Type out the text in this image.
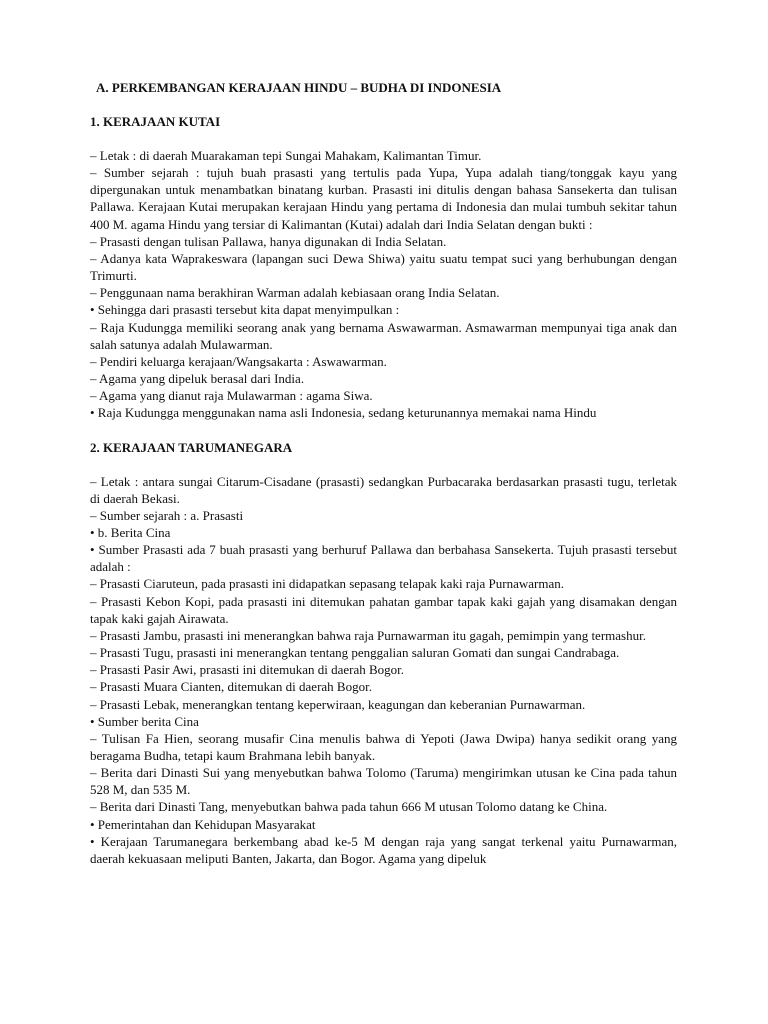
A. PERKEMBANGAN KERAJAAN HINDU – BUDHA DI INDONESIA
1. KERAJAAN KUTAI
– Letak : di daerah Muarakaman tepi Sungai Mahakam, Kalimantan Timur.
– Sumber sejarah : tujuh buah prasasti yang tertulis pada Yupa, Yupa adalah tiang/tonggak kayu yang dipergunakan untuk menambatkan binatang kurban. Prasasti ini ditulis dengan bahasa Sansekerta dan tulisan Pallawa. Kerajaan Kutai merupakan kerajaan Hindu yang pertama di Indonesia dan mulai tumbuh sekitar tahun 400 M. agama Hindu yang tersiar di Kalimantan (Kutai) adalah dari India Selatan dengan bukti :
– Prasasti dengan tulisan Pallawa, hanya digunakan di India Selatan.
– Adanya kata Waprakeswara (lapangan suci Dewa Shiwa) yaitu suatu tempat suci yang berhubungan dengan Trimurti.
– Penggunaan nama berakhiran Warman adalah kebiasaan orang India Selatan.
• Sehingga dari prasasti tersebut kita dapat menyimpulkan :
– Raja Kudungga memiliki seorang anak yang bernama Aswawarman. Asmawarman mempunyai tiga anak dan salah satunya adalah Mulawarman.
– Pendiri keluarga kerajaan/Wangsakarta : Aswawarman.
– Agama yang dipeluk berasal dari India.
– Agama yang dianut raja Mulawarman : agama Siwa.
• Raja Kudungga menggunakan nama asli Indonesia, sedang keturunannya memakai nama Hindu
2. KERAJAAN TARUMANEGARA
– Letak : antara sungai Citarum-Cisadane (prasasti) sedangkan Purbacaraka berdasarkan prasasti tugu, terletak di daerah Bekasi.
– Sumber sejarah : a. Prasasti
• b. Berita Cina
• Sumber Prasasti ada 7 buah prasasti yang berhuruf Pallawa dan berbahasa Sansekerta. Tujuh prasasti tersebut adalah :
– Prasasti Ciaruteun, pada prasasti ini didapatkan sepasang telapak kaki raja Purnawarman.
– Prasasti Kebon Kopi, pada prasasti ini ditemukan pahatan gambar tapak kaki gajah yang disamakan dengan tapak kaki gajah Airawata.
– Prasasti Jambu, prasasti ini menerangkan bahwa raja Purnawarman itu gagah, pemimpin yang termashur.
– Prasasti Tugu, prasasti ini menerangkan tentang penggalian saluran Gomati dan sungai Candrabaga.
– Prasasti Pasir Awi, prasasti ini ditemukan di daerah Bogor.
– Prasasti Muara Cianten, ditemukan di daerah Bogor.
– Prasasti Lebak, menerangkan tentang keperwiraan, keagungan dan keberanian Purnawarman.
• Sumber berita Cina
– Tulisan Fa Hien, seorang musafir Cina menulis bahwa di Yepoti (Jawa Dwipa) hanya sedikit orang yang beragama Budha, tetapi kaum Brahmana lebih banyak.
– Berita dari Dinasti Sui yang menyebutkan bahwa Tolomo (Taruma) mengirimkan utusan ke Cina pada tahun 528 M, dan 535 M.
– Berita dari Dinasti Tang, menyebutkan bahwa pada tahun 666 M utusan Tolomo datang ke China.
• Pemerintahan dan Kehidupan Masyarakat
• Kerajaan Tarumanegara berkembang abad ke-5 M dengan raja yang sangat terkenal yaitu Purnawarman, daerah kekuasaan meliputi Banten, Jakarta, dan Bogor. Agama yang dipeluk
